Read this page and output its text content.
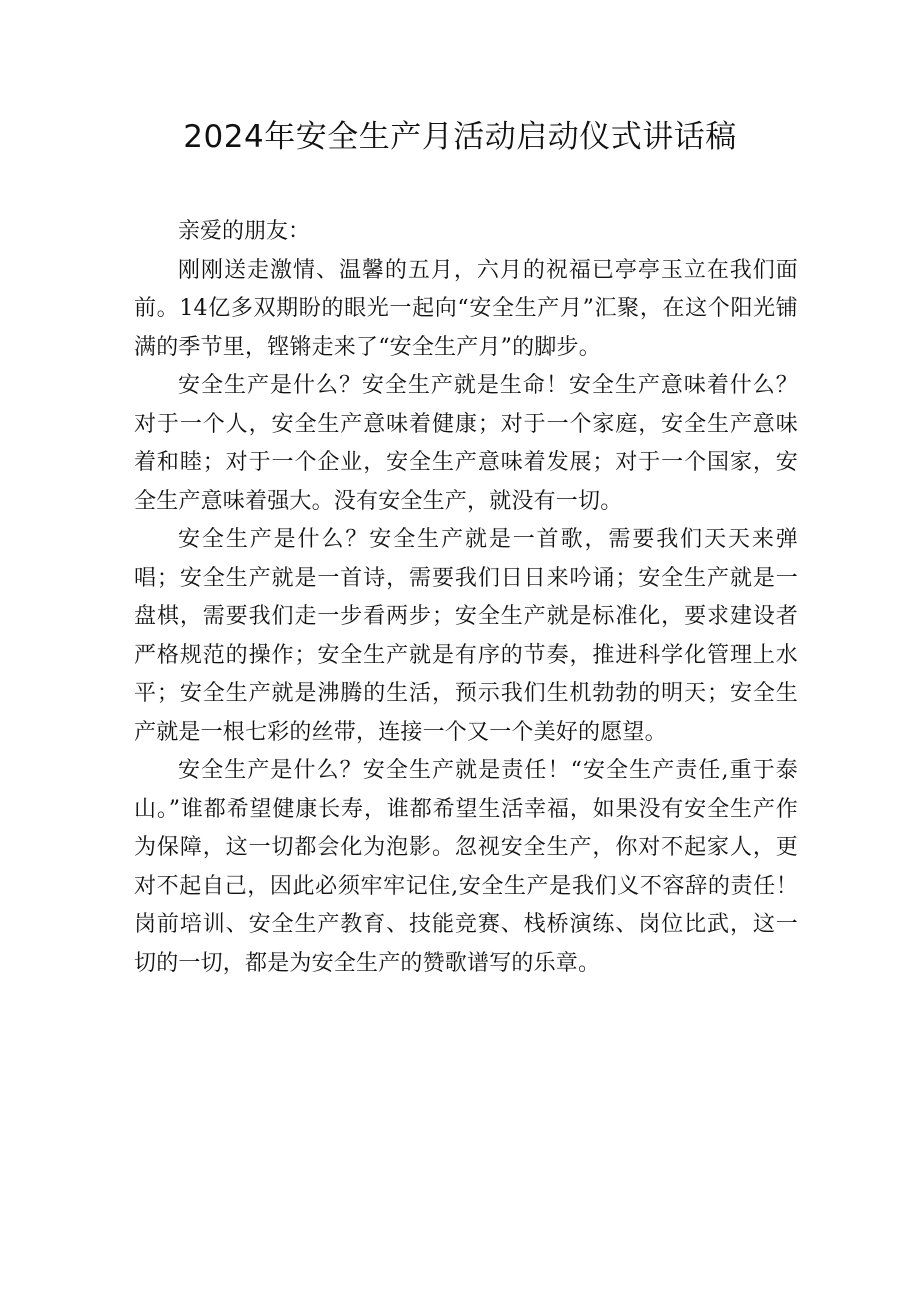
2024年安全生产月活动启动仪式讲话稿

亲爱的朋友：

刚刚送走激情、温馨的五月，六月的祝福已亭亭玉立在我们面前。14亿多双期盼的眼光一起向“安全生产月”汇聚，在这个阳光铺满的季节里，铿锵走来了“安全生产月”的脚步。

安全生产是什么？安全生产就是生命！安全生产意味着什么？对于一个人，安全生产意味着健康；对于一个家庭，安全生产意味着和睦；对于一个企业，安全生产意味着发展；对于一个国家，安全生产意味着强大。没有安全生产，就没有一切。

安全生产是什么？安全生产就是一首歌，需要我们天天来弹唱；安全生产就是一首诗，需要我们日日来吟诵；安全生产就是一盘棋，需要我们走一步看两步；安全生产就是标准化，要求建设者严格规范的操作；安全生产就是有序的节奏，推进科学化管理上水平；安全生产就是沸腾的生活，预示我们生机勃勃的明天；安全生产就是一根七彩的丝带，连接一个又一个美好的愿望。

安全生产是什么？安全生产就是责任！“安全生产责任,重于泰山。”谁都希望健康长寿，谁都希望生活幸福，如果没有安全生产作为保障，这一切都会化为泡影。忽视安全生产，你对不起家人，更对不起自己，因此必须牢牢记住,安全生产是我们义不容辞的责任！岗前培训、安全生产教育、技能竞赛、栈桥演练、岗位比武，这一切的一切，都是为安全生产的赞歌谱写的乐章。
